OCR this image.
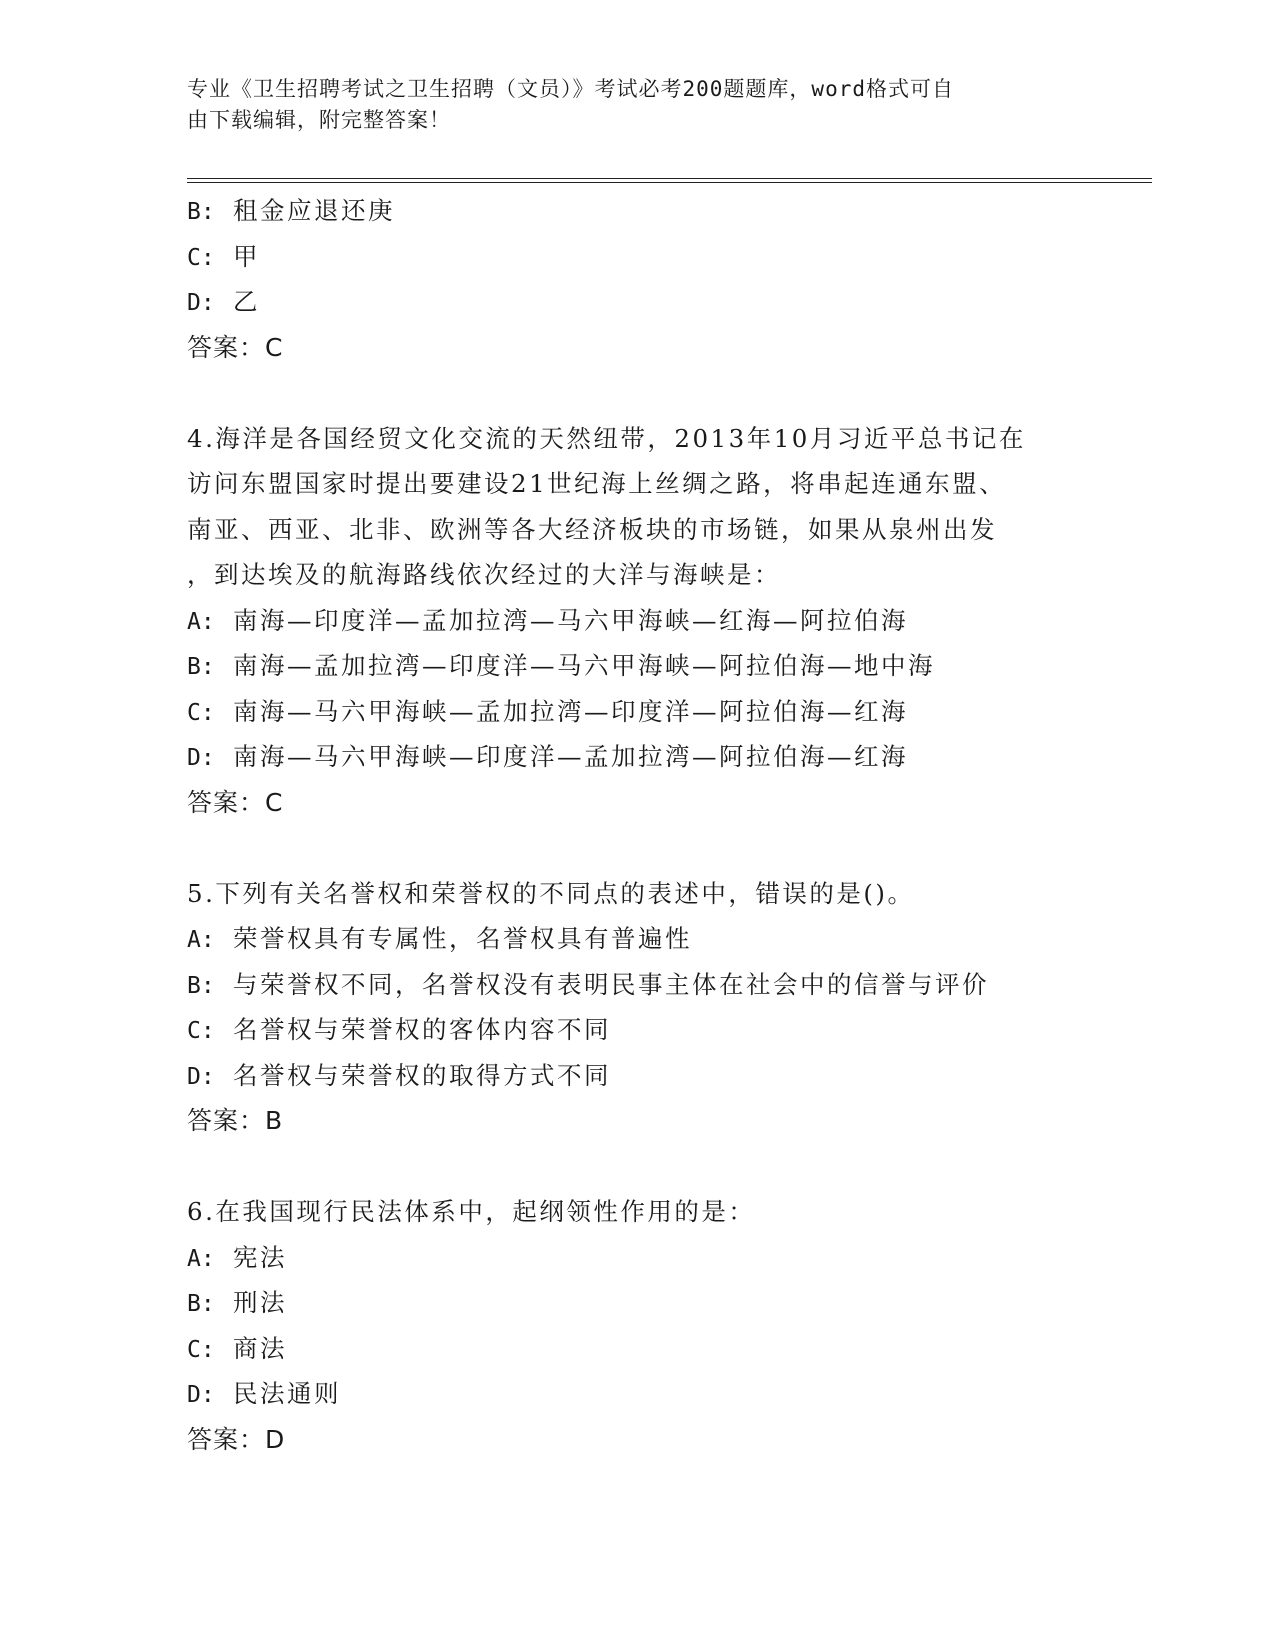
专业《卫生招聘考试之卫生招聘（文员）》考试必考200题题库，word格式可自
由下载编辑，附完整答案！
B: 租金应退还庚
C: 甲
D: 乙
答案：C
4.海洋是各国经贸文化交流的天然纽带，2013年10月习近平总书记在
访问东盟国家时提出要建设21世纪海上丝绸之路，将串起连通东盟、
南亚、西亚、北非、欧洲等各大经济板块的市场链，如果从泉州出发
，到达埃及的航海路线依次经过的大洋与海峡是：
A: 南海—印度洋—孟加拉湾—马六甲海峡—红海—阿拉伯海
B: 南海—孟加拉湾—印度洋—马六甲海峡—阿拉伯海—地中海
C: 南海—马六甲海峡—孟加拉湾—印度洋—阿拉伯海—红海
D: 南海—马六甲海峡—印度洋—孟加拉湾—阿拉伯海—红海
答案：C
5.下列有关名誉权和荣誉权的不同点的表述中，错误的是()。
A: 荣誉权具有专属性，名誉权具有普遍性
B: 与荣誉权不同，名誉权没有表明民事主体在社会中的信誉与评价
C: 名誉权与荣誉权的客体内容不同
D: 名誉权与荣誉权的取得方式不同
答案：B
6.在我国现行民法体系中，起纲领性作用的是：
A: 宪法
B: 刑法
C: 商法
D: 民法通则
答案：D
